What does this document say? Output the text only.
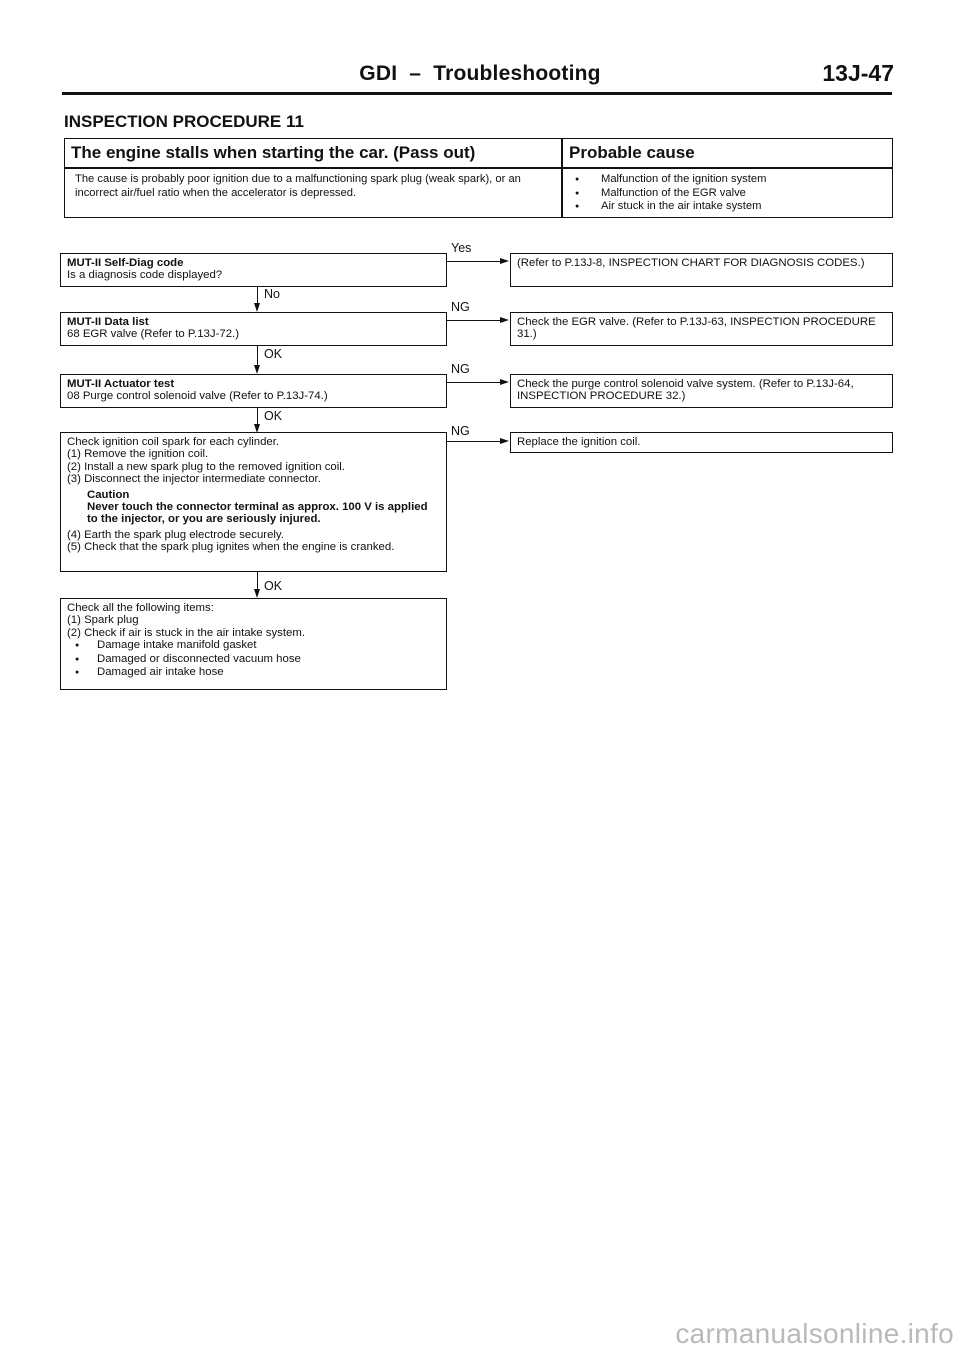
GDI – Troubleshooting	13J-47
INSPECTION PROCEDURE 11
The engine stalls when starting the car. (Pass out)	Probable cause
The cause is probably poor ignition due to a malfunctioning spark plug (weak spark), or an incorrect air/fuel ratio when the accelerator is depressed.
● Malfunction of the ignition system
● Malfunction of the EGR valve
● Air stuck in the air intake system
MUT-II Self-Diag code
Is a diagnosis code displayed?
Yes
(Refer to P.13J-8, INSPECTION CHART FOR DIAGNOSIS CODES.)
No
MUT-II Data list
68 EGR valve (Refer to P.13J-72.)
NG
Check the EGR valve. (Refer to P.13J-63, INSPECTION PROCEDURE 31.)
OK
MUT-II Actuator test
08 Purge control solenoid valve (Refer to P.13J-74.)
NG
Check the purge control solenoid valve system. (Refer to P.13J-64, INSPECTION PROCEDURE 32.)
OK
Check ignition coil spark for each cylinder.
(1) Remove the ignition coil.
(2) Install a new spark plug to the removed ignition coil.
(3) Disconnect the injector intermediate connector.
Caution
Never touch the connector terminal as approx. 100 V is applied to the injector, or you are seriously injured.
(4) Earth the spark plug electrode securely.
(5) Check that the spark plug ignites when the engine is cranked.
NG
Replace the ignition coil.
OK
Check all the following items:
(1) Spark plug
(2) Check if air is stuck in the air intake system.
● Damage intake manifold gasket
● Damaged or disconnected vacuum hose
● Damaged air intake hose
carmanualsonline.info
